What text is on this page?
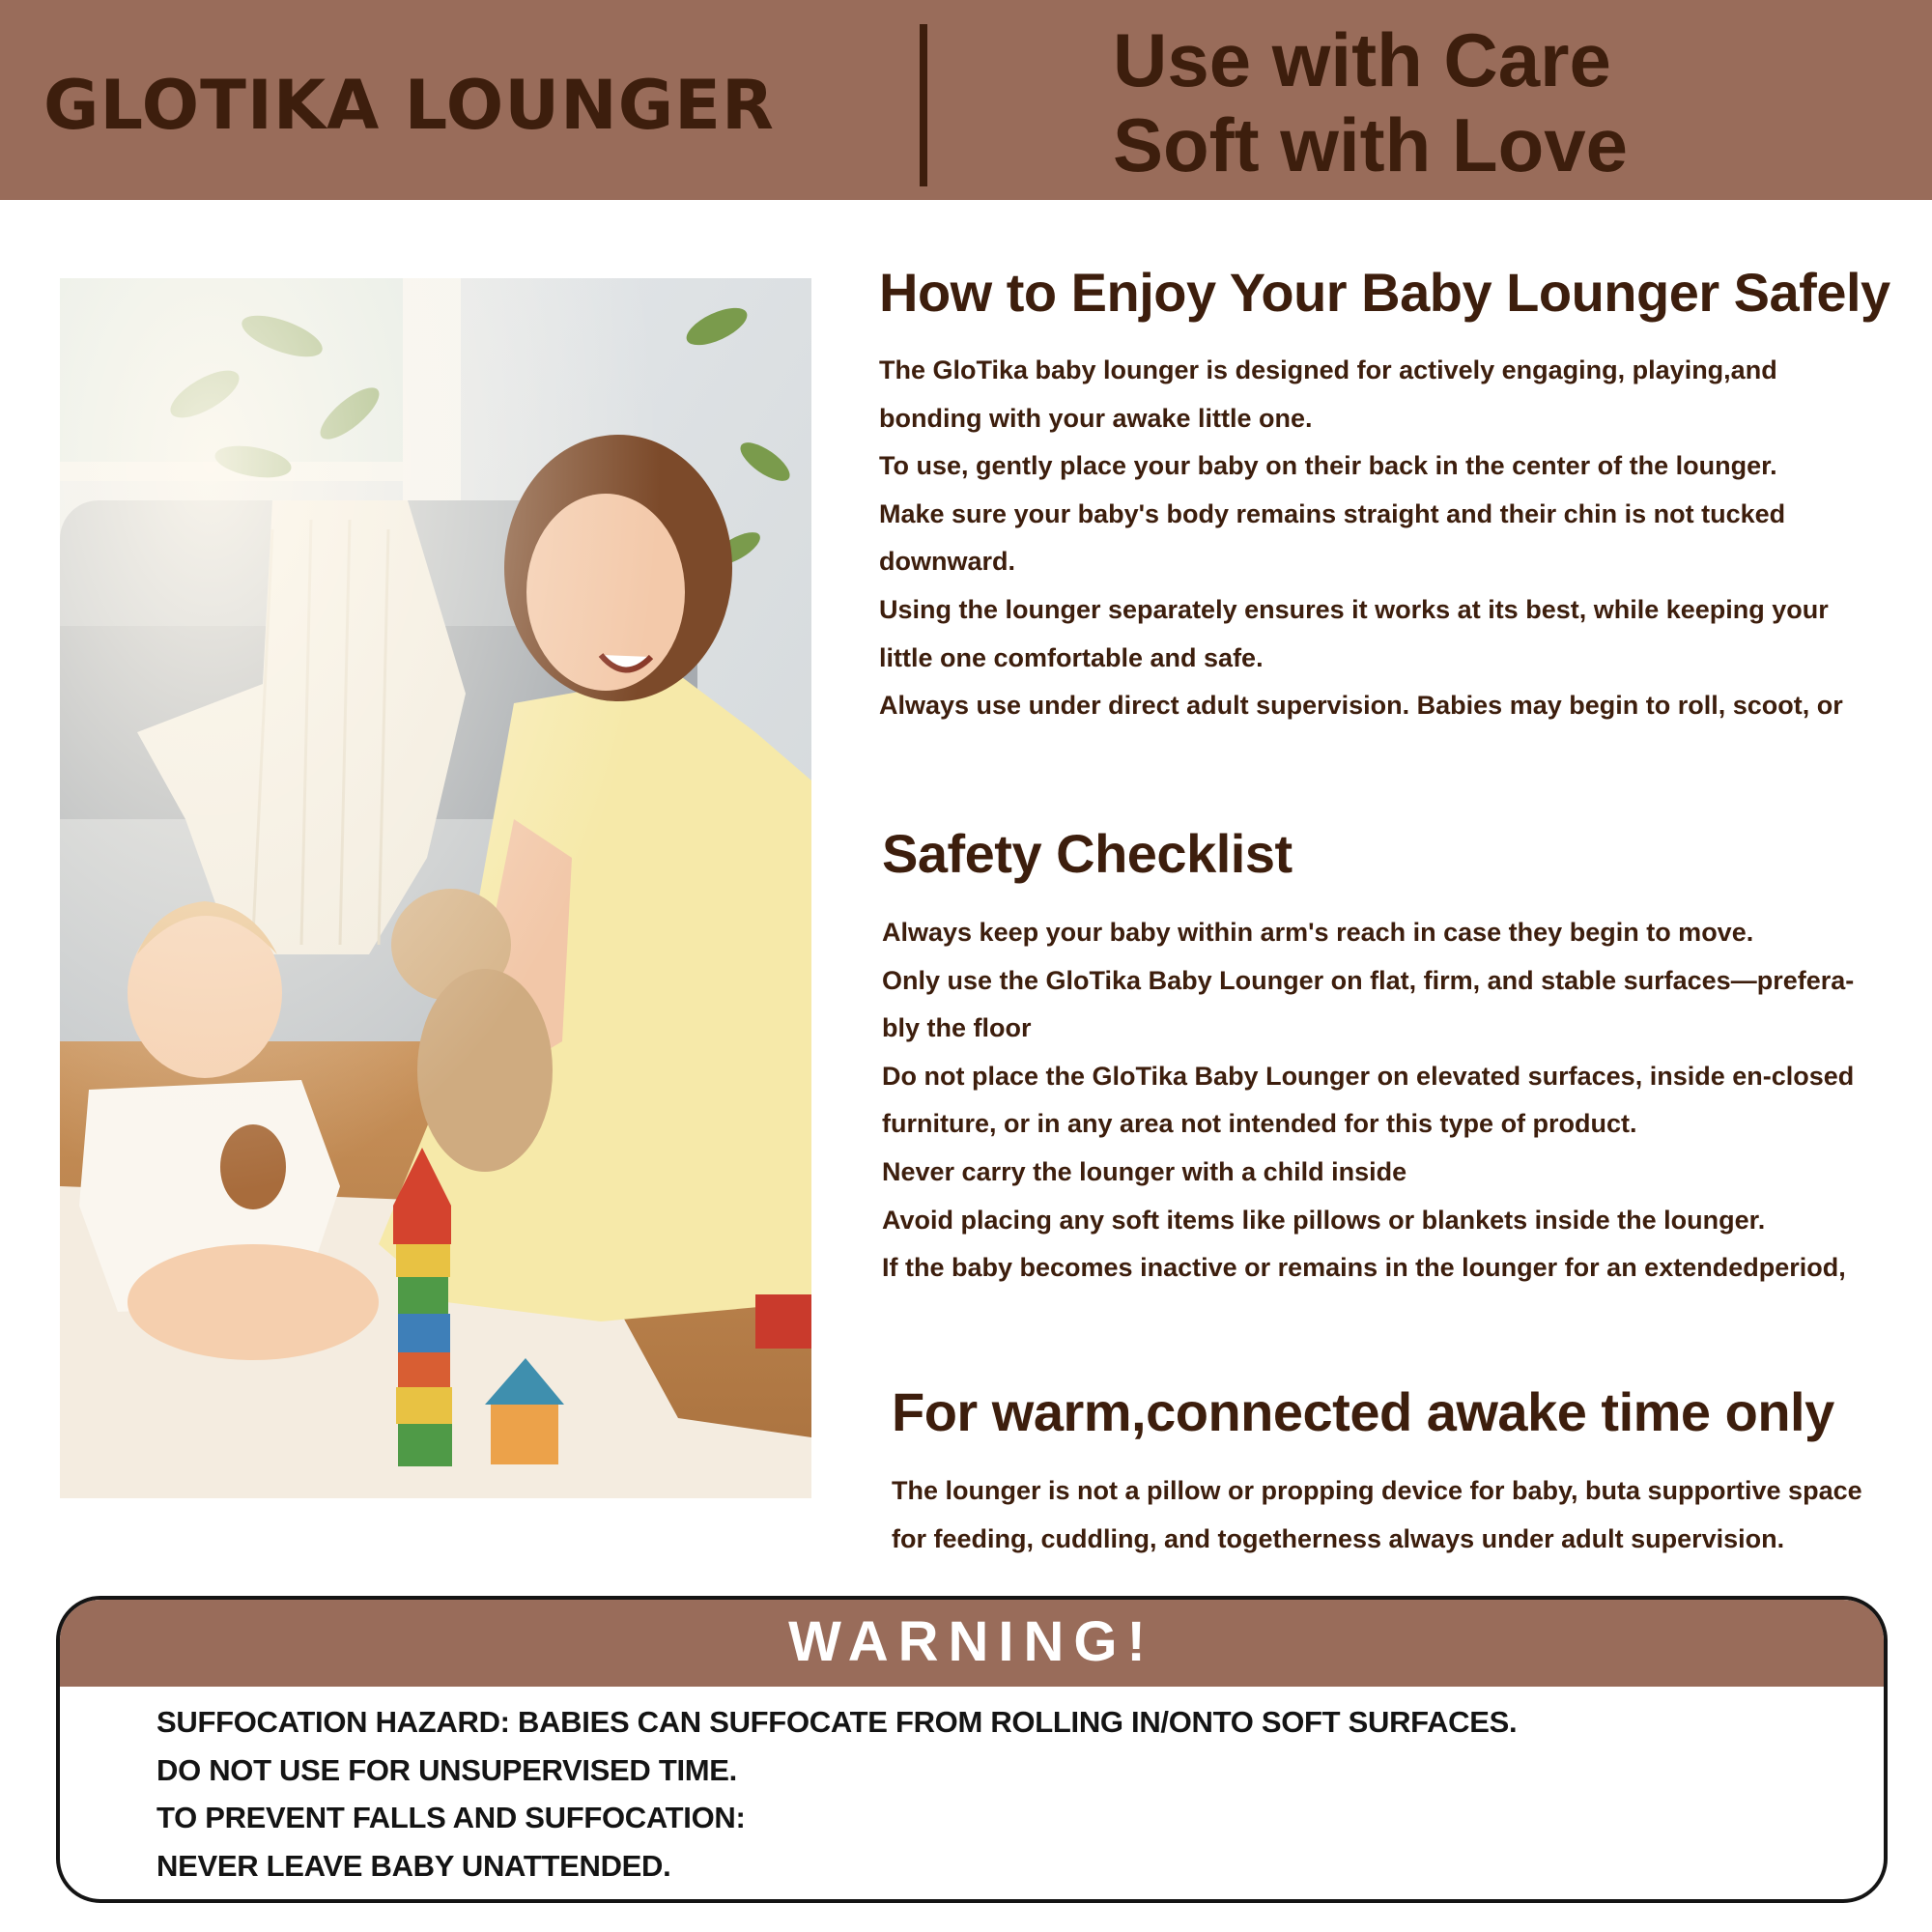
GLOTIKA LOUNGER
Use with Care
Soft with Love
How to Enjoy Your Baby Lounger Safely
The GloTika baby lounger is designed for actively engaging, playing,and
bonding with your awake little one.
To use, gently place your baby on their back in the center of the lounger.
Make sure your baby's body remains straight and their chin is not tucked
downward.
Using the lounger separately ensures it works at its best, while keeping your
little one comfortable and safe.
Always use under direct adult supervision. Babies may begin to roll, scoot, or
Safety Checklist
Always keep your baby within arm's reach in case they begin to move.
Only use the GloTika Baby Lounger on flat, firm, and stable surfaces—prefera-
bly the floor
Do not place the GloTika Baby Lounger on elevated surfaces, inside en-closed
furniture, or in any area not intended for this type of product.
Never carry the lounger with a child inside
Avoid placing any soft items like pillows or blankets inside the lounger.
If the baby becomes inactive or remains in the lounger for an extendedperiod,
For warm,connected awake time only
The lounger is not a pillow or propping device for baby, buta supportive space
for feeding, cuddling, and togetherness always under adult supervision.
WARNING!
SUFFOCATION HAZARD: BABIES CAN SUFFOCATE FROM ROLLING IN/ONTO SOFT SURFACES.
DO NOT USE FOR UNSUPERVISED TIME.
TO PREVENT FALLS AND SUFFOCATION:
NEVER LEAVE BABY UNATTENDED.
